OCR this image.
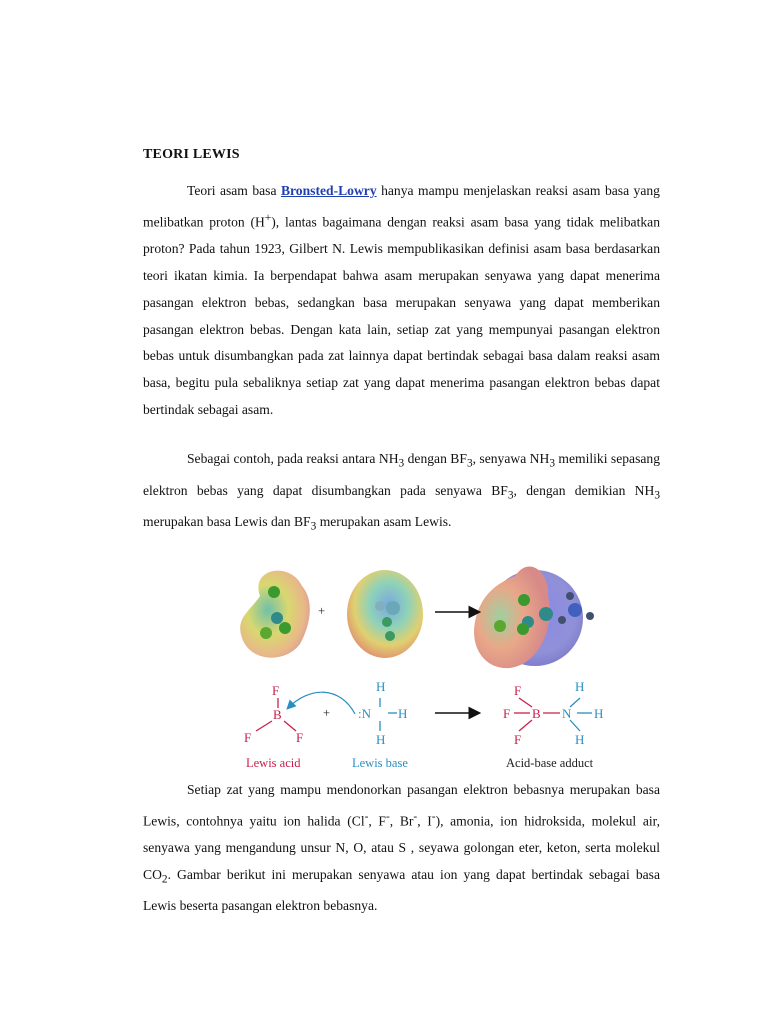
TEORI LEWIS

Teori asam basa Bronsted-Lowry hanya mampu menjelaskan reaksi asam basa yang melibatkan proton (H+), lantas bagaimana dengan reaksi asam basa yang tidak melibatkan proton? Pada tahun 1923, Gilbert N. Lewis mempublikasikan definisi asam basa berdasarkan teori ikatan kimia. Ia berpendapat bahwa asam merupakan senyawa yang dapat menerima pasangan elektron bebas, sedangkan basa merupakan senyawa yang dapat memberikan pasangan elektron bebas. Dengan kata lain, setiap zat yang mempunyai pasangan elektron bebas untuk disumbangkan pada zat lainnya dapat bertindak sebagai basa dalam reaksi asam basa, begitu pula sebaliknya setiap zat yang dapat menerima pasangan elektron bebas dapat bertindak sebagai asam.

Sebagai contoh, pada reaksi antara $NH_3$ dengan $BF_3$, senyawa $NH_3$ memiliki sepasang elektron bebas yang dapat disumbangkan pada senyawa $BF_3$, dengan demikian $NH_3$ merupakan basa Lewis dan $BF_3$ merupakan asam Lewis.

+
+
F
B
F	F
H
:N H
H
F
F B
F
N
H
H
H
Lewis acid	Lewis base	Acid-base adduct

Setiap zat yang mampu mendonorkan pasangan elektron bebasnya merupakan basa Lewis, contohnya yaitu ion halida (Cl-, F-, Br-, I-), amonia, ion hidroksida, molekul air, senyawa yang mengandung unsur N, O, atau S , seyawa golongan eter, keton, serta molekul $CO_2$. Gambar berikut ini merupakan senyawa atau ion yang dapat bertindak sebagai basa Lewis beserta pasangan elektron bebasnya.
